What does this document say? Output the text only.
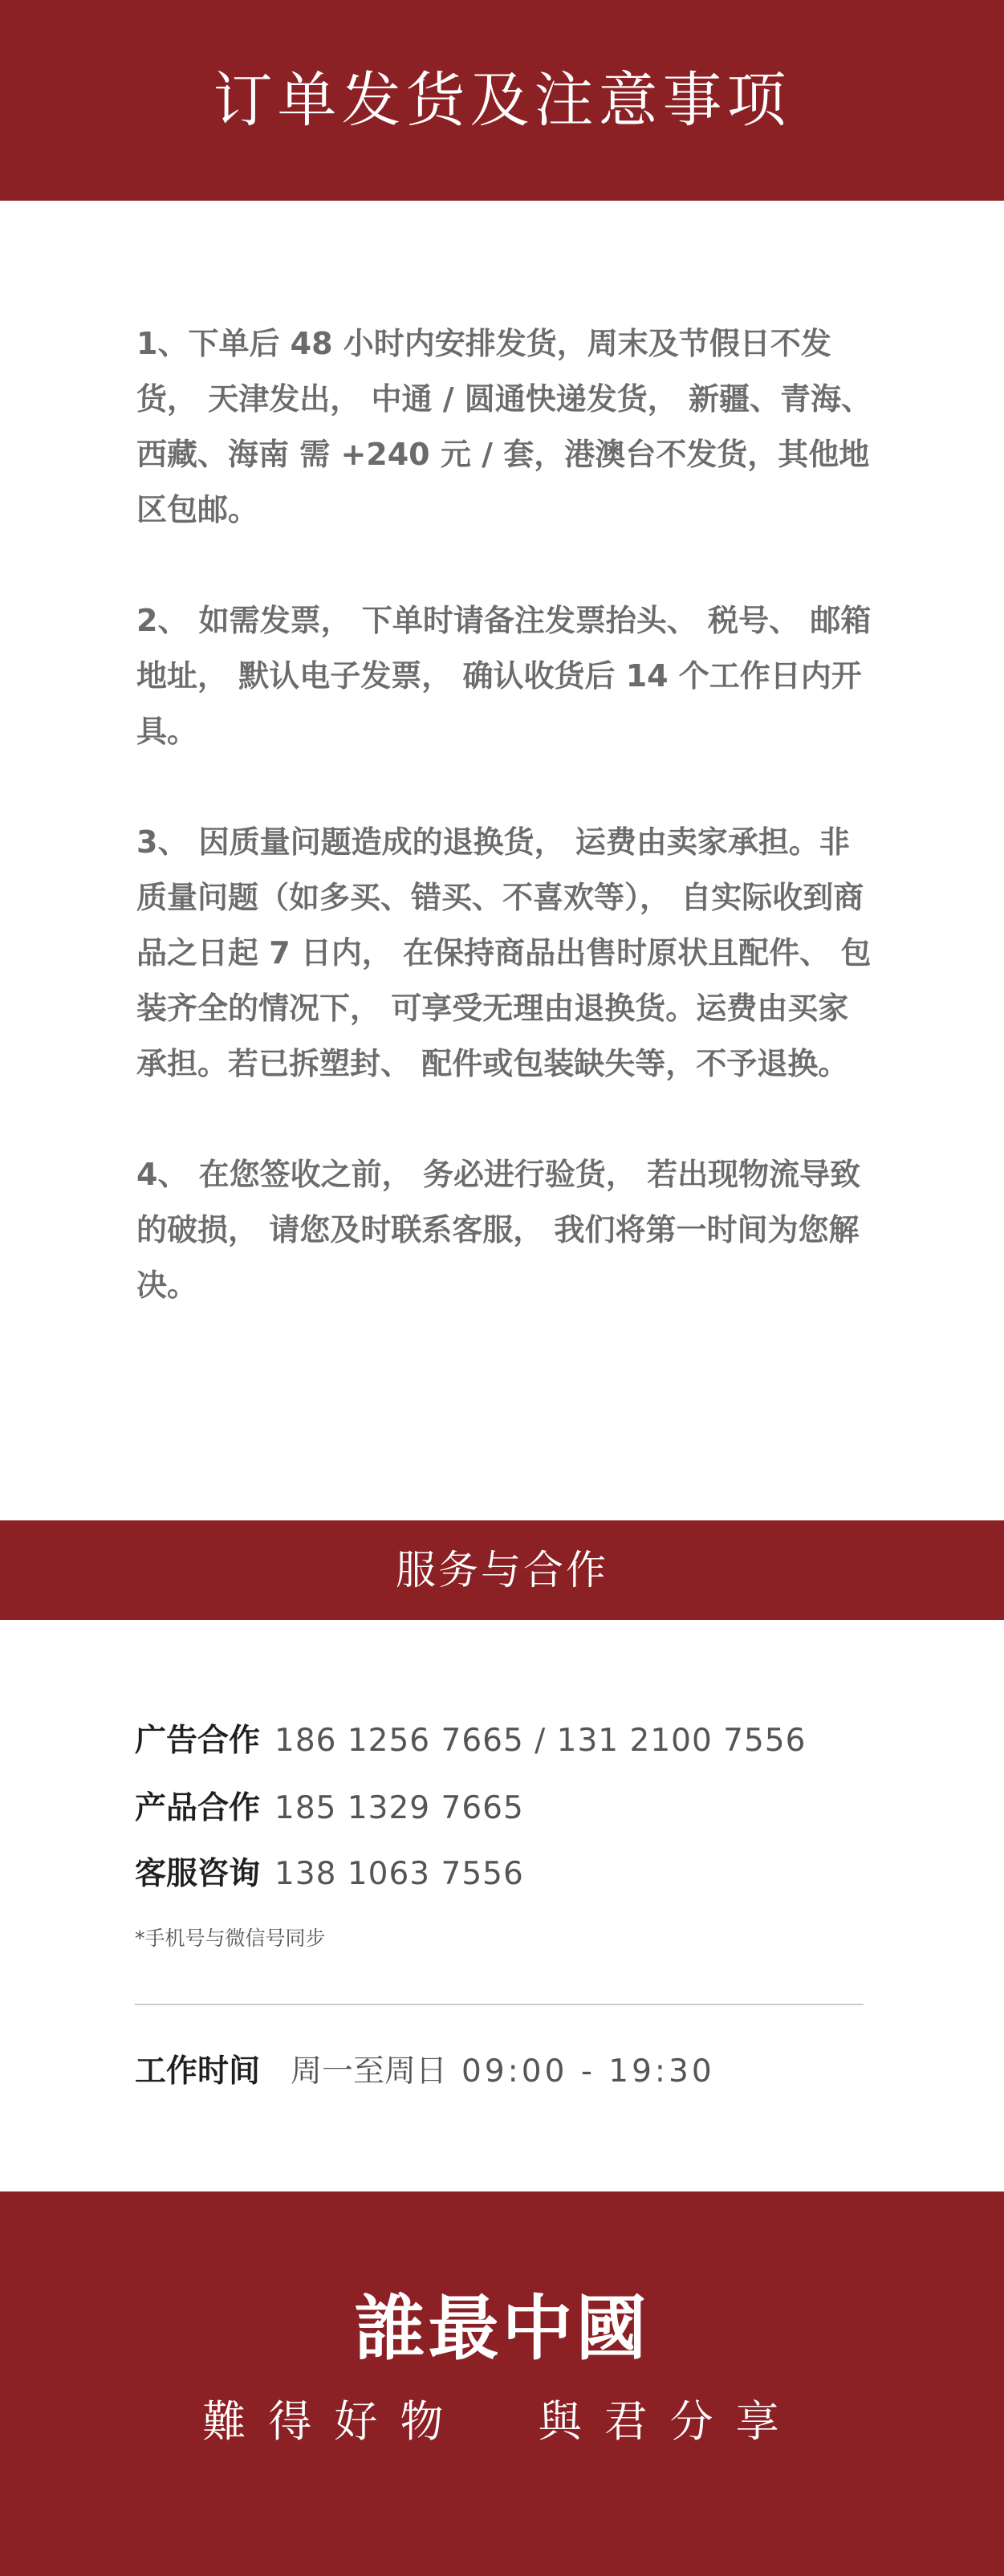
订单发货及注意事项

1、下单后 48 小时内安排发货，周末及节假日不发货， 天津发出， 中通 / 圆通快递发货， 新疆、青海、西藏、海南 需 +240 元 / 套，港澳台不发货，其他地区包邮。

2、 如需发票， 下单时请备注发票抬头、 税号、 邮箱地址， 默认电子发票， 确认收货后 14 个工作日内开具。

3、 因质量问题造成的退换货， 运费由卖家承担。非质量问题（如多买、错买、不喜欢等）， 自实际收到商品之日起 7 日内， 在保持商品出售时原状且配件、 包装齐全的情况下， 可享受无理由退换货。运费由买家承担。若已拆塑封、 配件或包装缺失等，不予退换。

4、 在您签收之前， 务必进行验货， 若出现物流导致的破损， 请您及时联系客服， 我们将第一时间为您解决。

服务与合作
广告合作 186 1256 7665 / 131 2100 7556
产品合作 185 1329 7665
客服咨询 138 1063 7556
*手机号与微信号同步
工作时间 周一至周日 09:00 - 19:30
誰最中國
難得好物  與君分享
